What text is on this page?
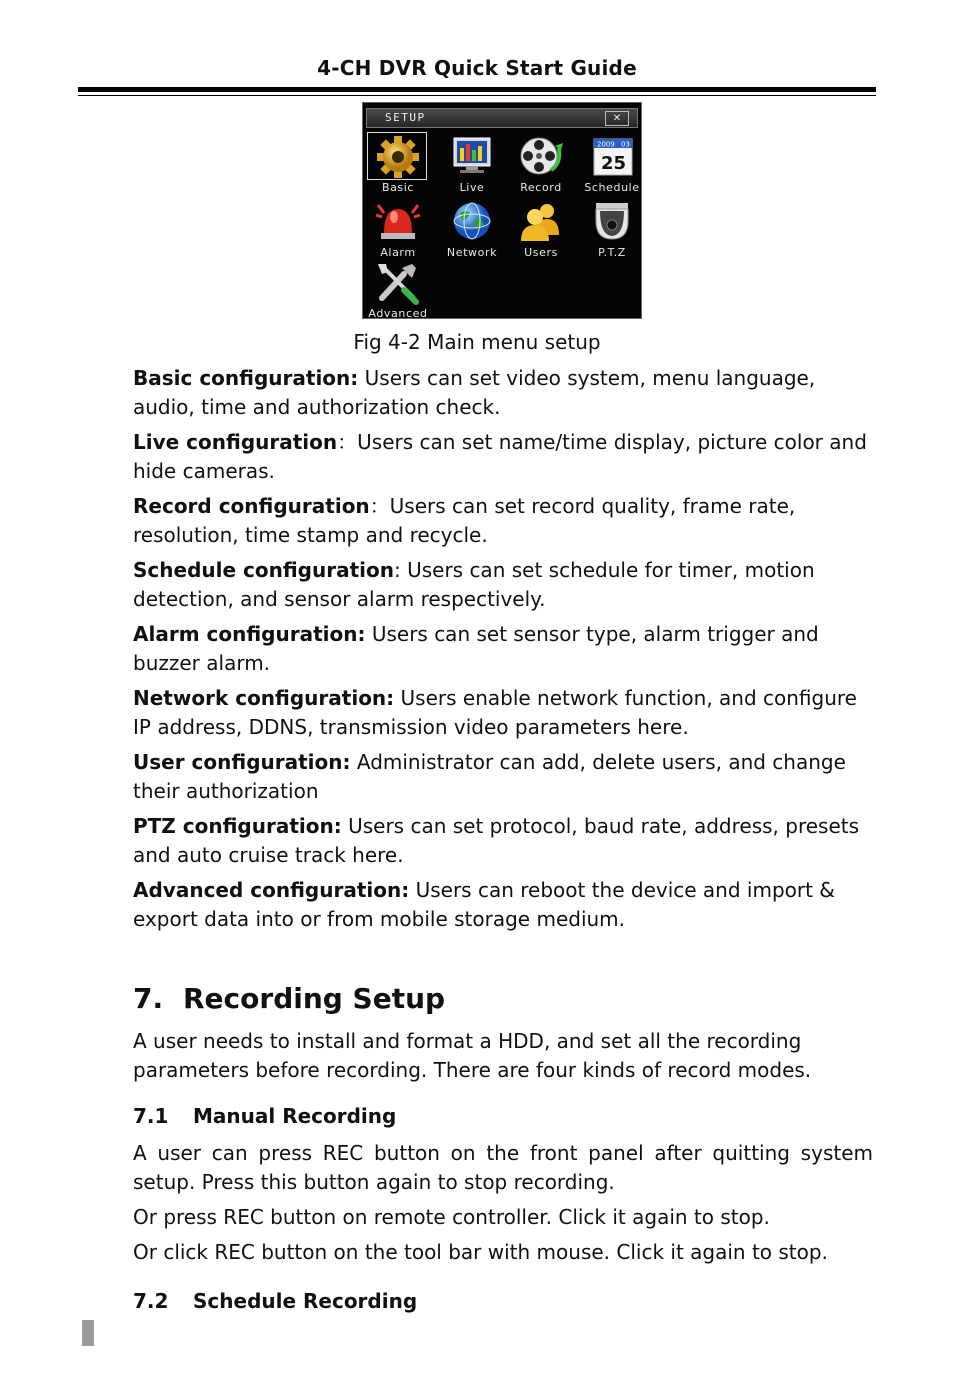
4-CH DVR Quick Start Guide
SETUP	✕
Basic	Live	Record
2009 03
25
Schedule
Alarm	Network	Users	P.T.Z
Advanced
Fig 4-2 Main menu setup

Basic configuration: Users can set video system, menu language, audio, time and authorization check.

Live configuration：Users can set name/time display, picture color and hide cameras.

Record configuration：Users can set record quality, frame rate, resolution, time stamp and recycle.

Schedule configuration: Users can set schedule for timer, motion detection, and sensor alarm respectively.

Alarm configuration: Users can set sensor type, alarm trigger and buzzer alarm.

Network configuration: Users enable network function, and configure IP address, DDNS, transmission video parameters here.

User configuration: Administrator can add, delete users, and change their authorization

PTZ configuration: Users can set protocol, baud rate, address, presets and auto cruise track here.

Advanced configuration: Users can reboot the device and import & export data into or from mobile storage medium.

7. Recording Setup

A user needs to install and format a HDD, and set all the recording parameters before recording. There are four kinds of record modes.

7.1 Manual Recording

A user can press REC button on the front panel after quitting system setup. Press this button again to stop recording.

Or press REC button on remote controller. Click it again to stop.

Or click REC button on the tool bar with mouse. Click it again to stop.

7.2 Schedule Recording
